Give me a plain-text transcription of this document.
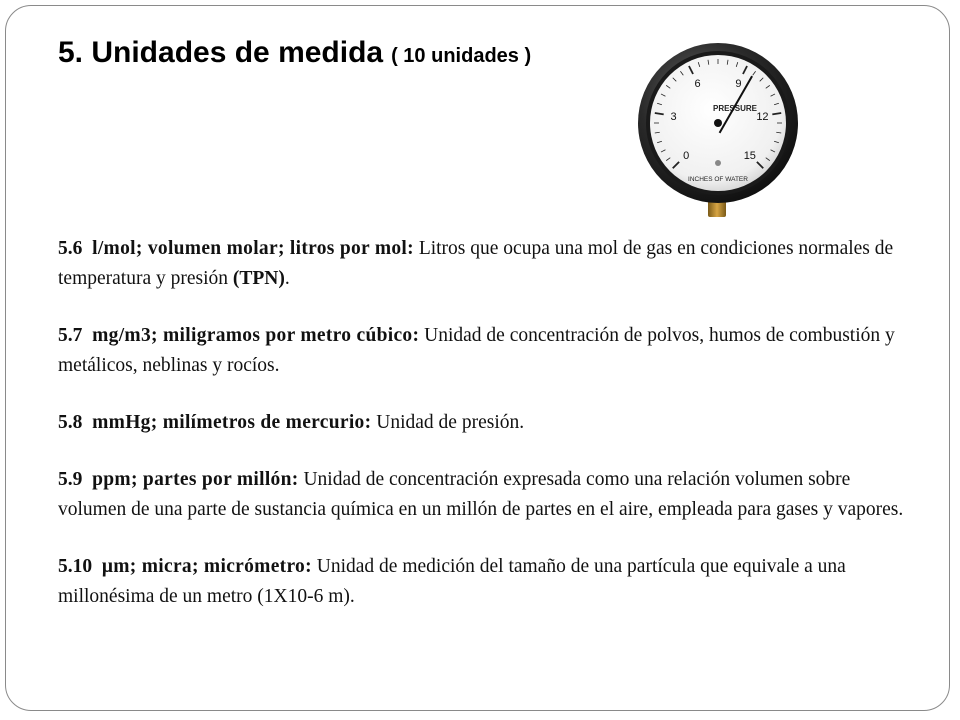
5. Unidades de medida ( 10 unidades )
0
3
6	9
12
15
PRESSURE
INCHES OF WATER

5.6 l/mol; volumen molar; litros por mol: Litros que ocupa una mol de gas en condiciones normales de temperatura y presión (TPN).

5.7 mg/m3; miligramos por metro cúbico: Unidad de concentración de polvos, humos de combustión y metálicos, neblinas y rocíos.

5.8 mmHg; milímetros de mercurio: Unidad de presión.

5.9 ppm; partes por millón: Unidad de concentración expresada como una relación volumen sobre volumen de una parte de sustancia química en un millón de partes en el aire, empleada para gases y vapores.

5.10 μm; micra; micrómetro: Unidad de medición del tamaño de una partícula que equivale a una millonésima de un metro (1X10-6 m).
